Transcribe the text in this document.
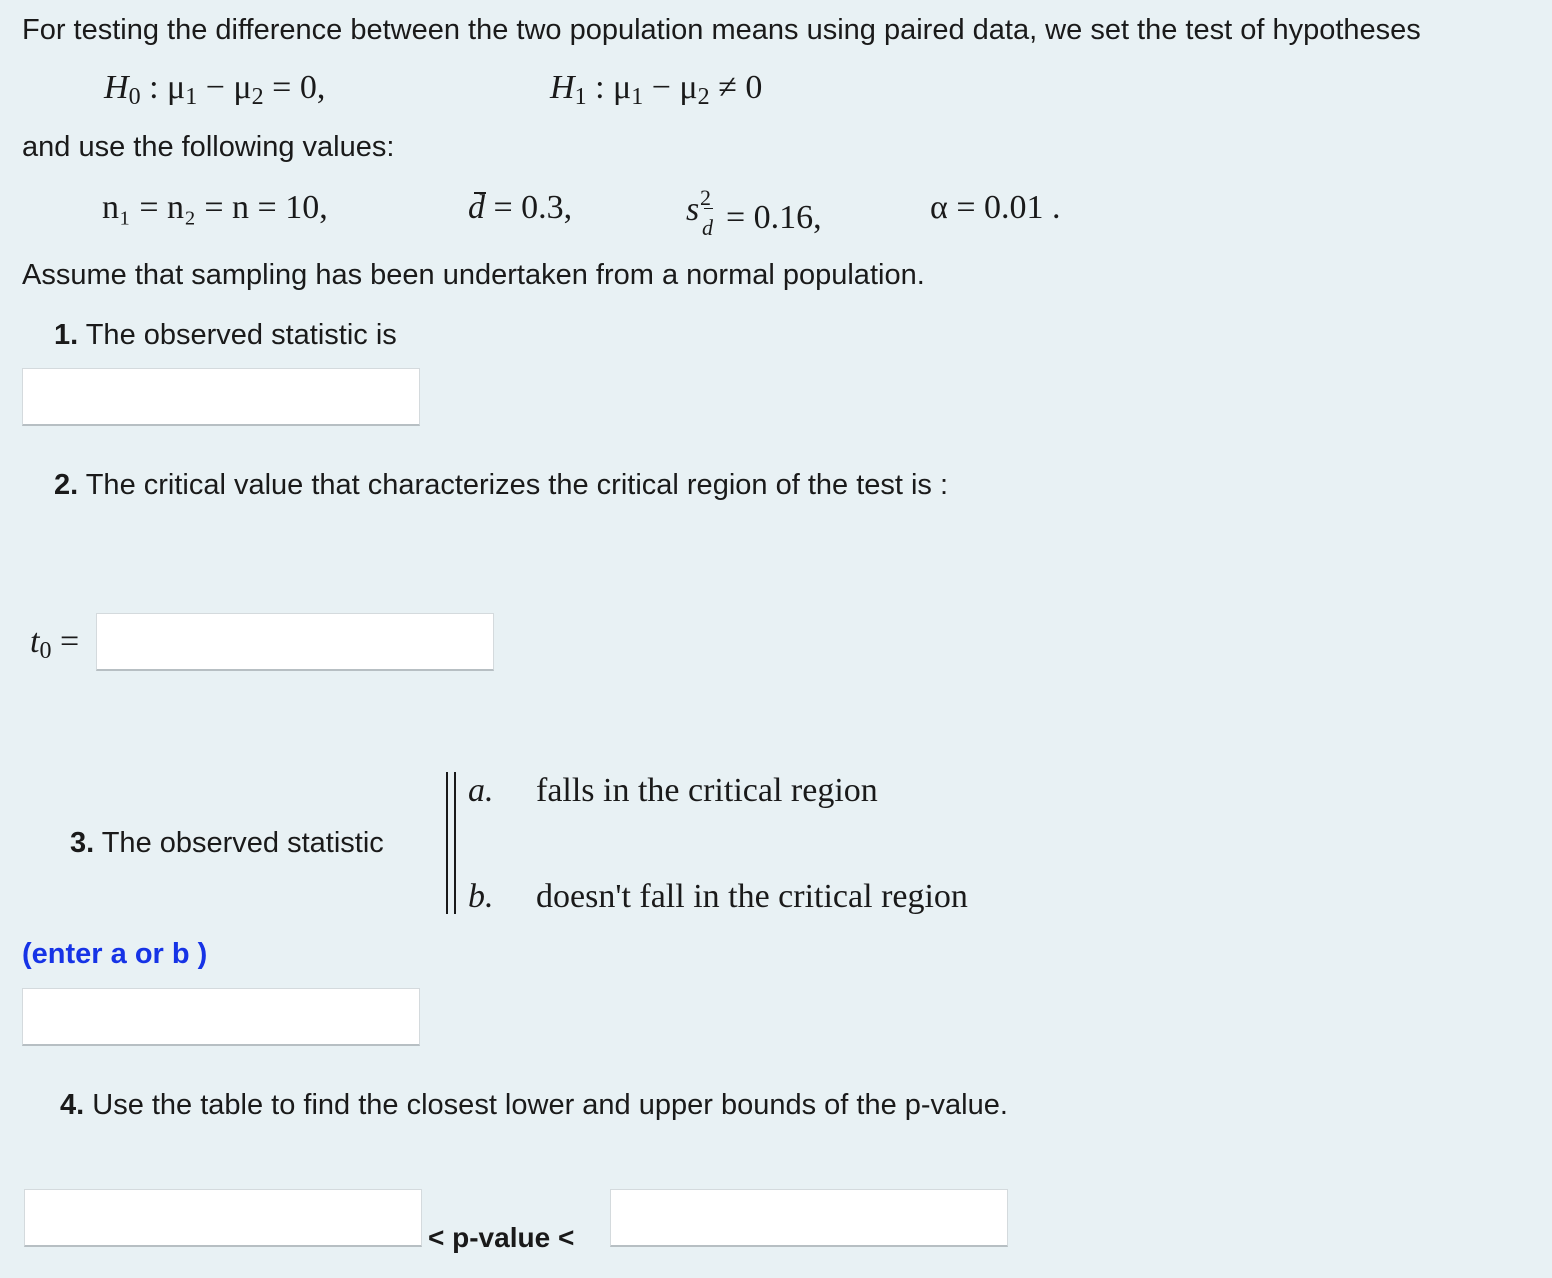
For testing the difference between the two population means using paired data, we set the test of hypotheses
$H_0$ : $\mu_1 - \mu_2 = 0$,	$H_1$ : $\mu_1 - \mu_2 \ne 0$
and use the following values:
n₁ = n₂ = n = 10,	d = 0.3,	s 2
d = 0.16,	α = 0.01 .
Assume that sampling has been undertaken from a normal population.
1. The observed statistic is
2. The critical value that characterizes the critical region of the test is :
$t_0$ =
3. The observed statistic
a. falls in the critical region
b. doesn't fall in the critical region
(enter a or b )
4. Use the table to find the closest lower and upper bounds of the p-value.
< p-value <
